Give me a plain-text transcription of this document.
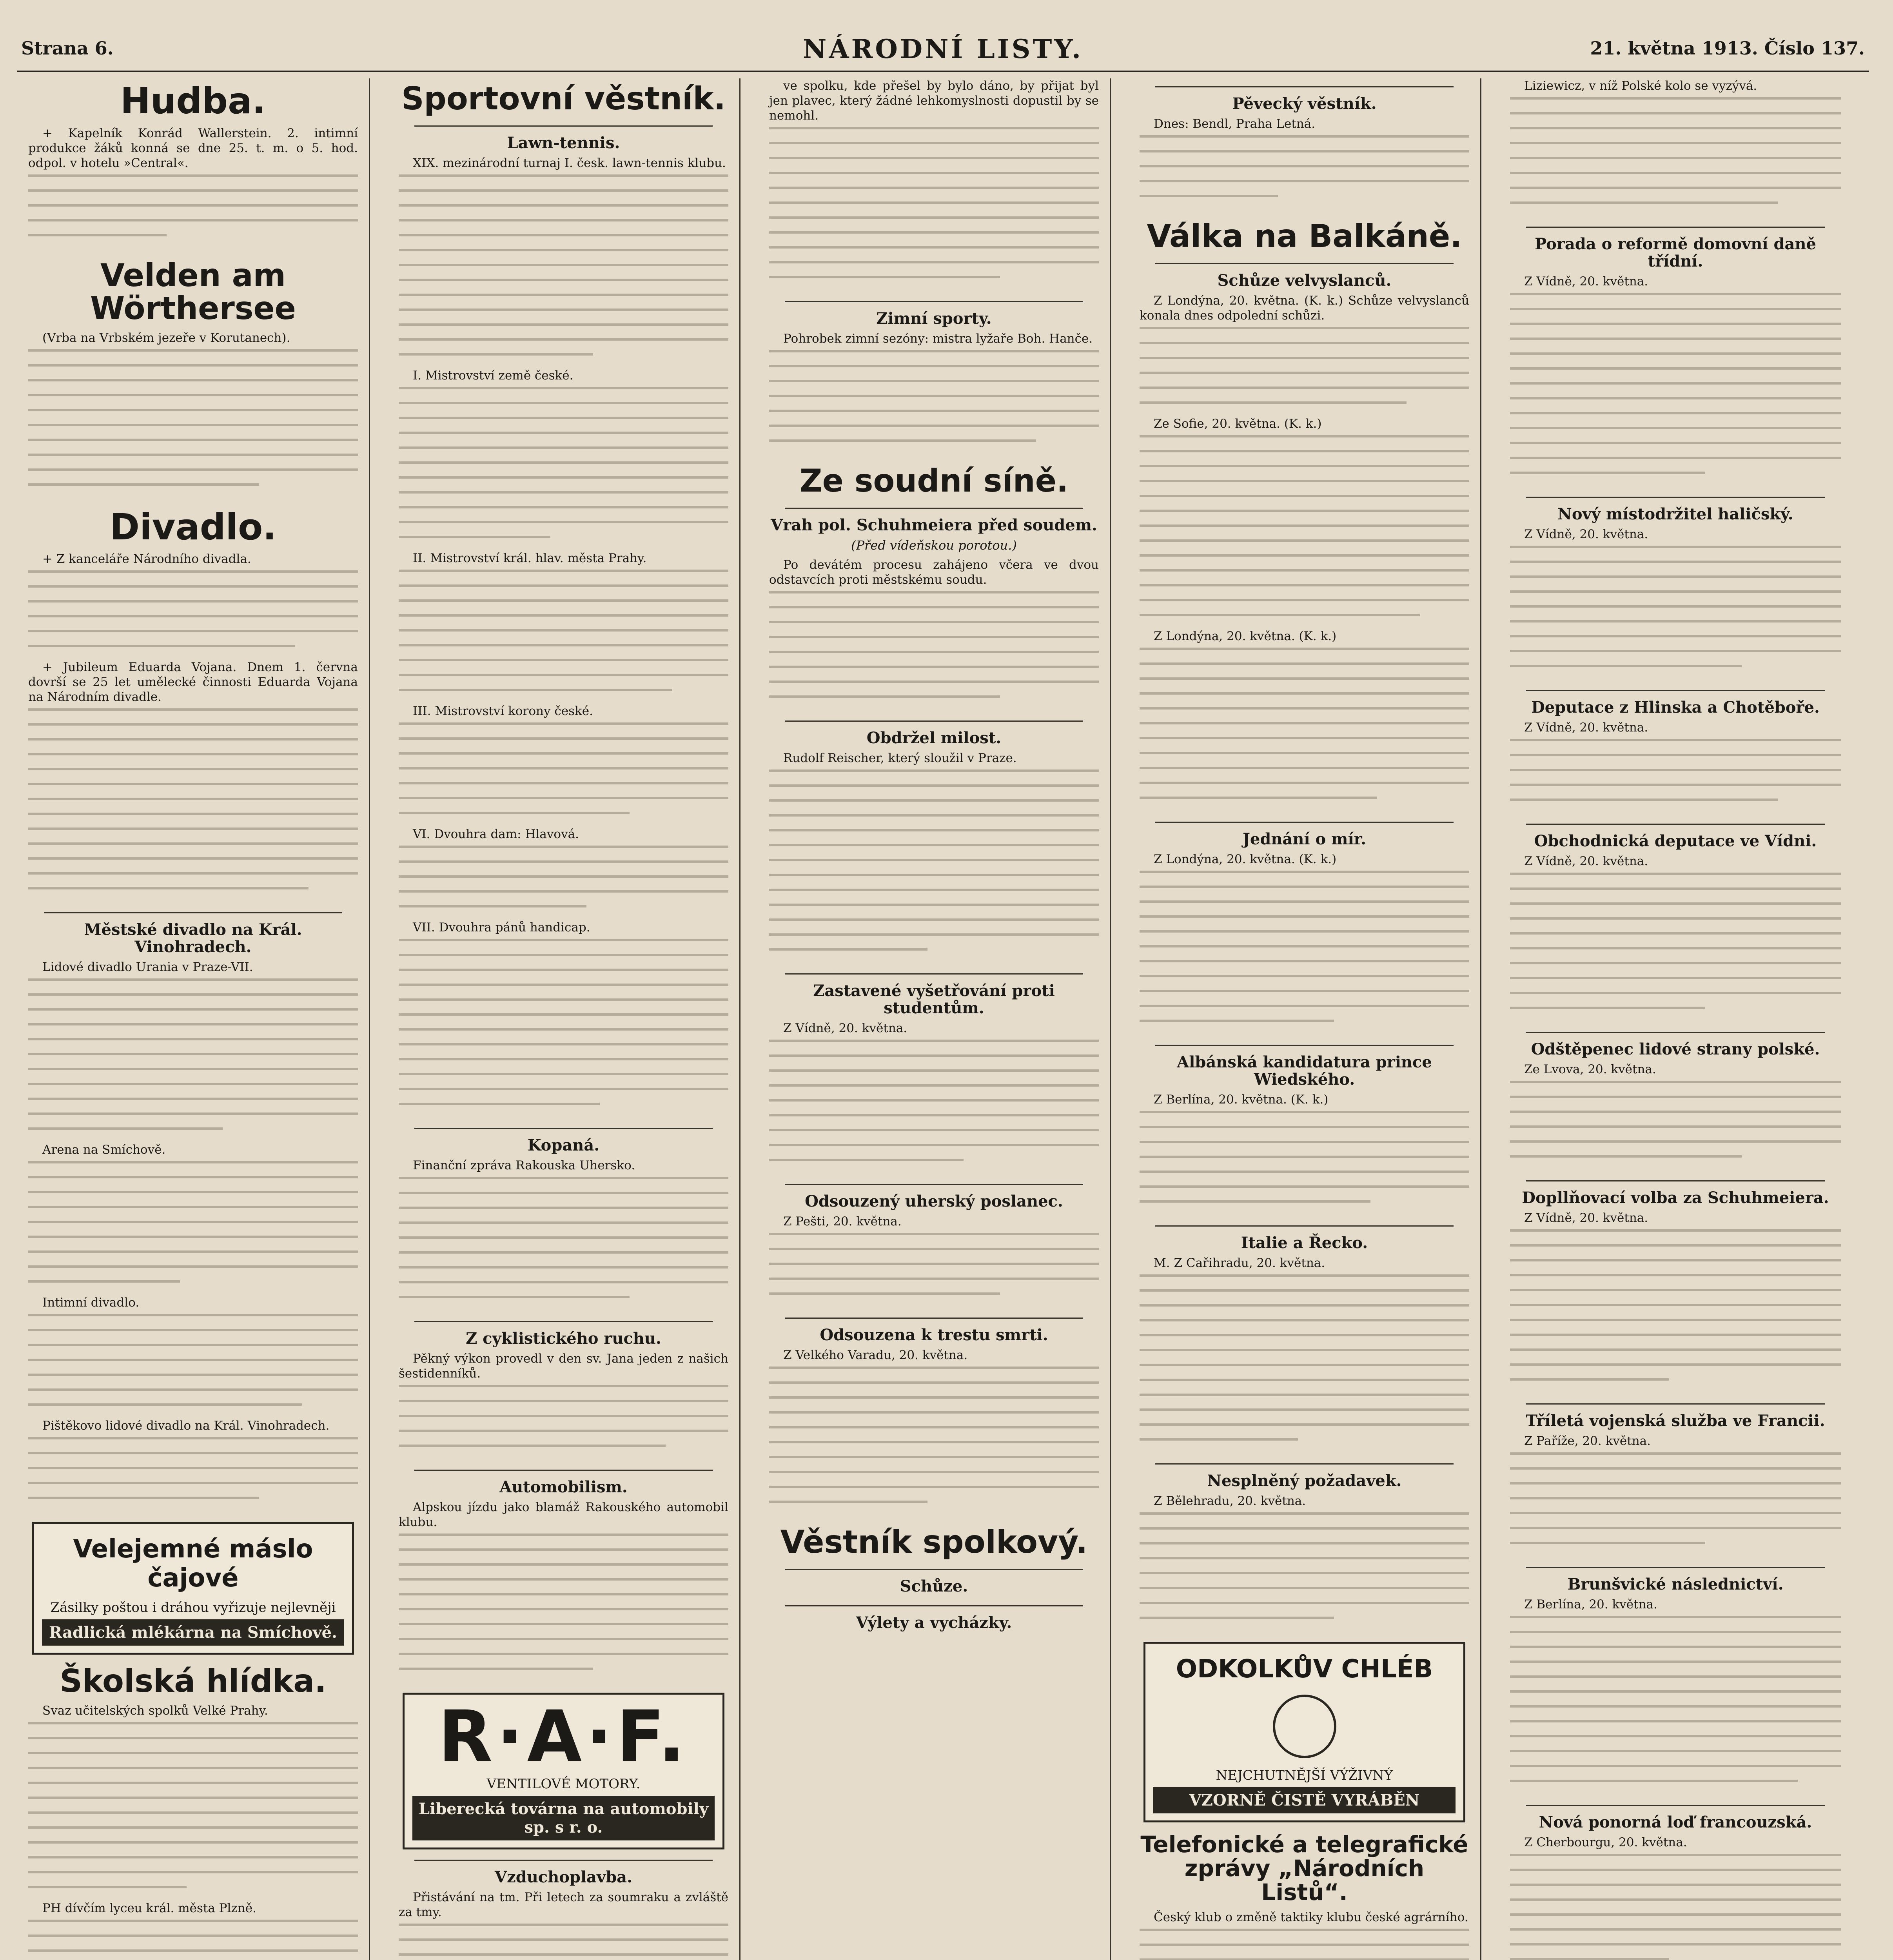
Strana 6.	NÁRODNÍ LISTY.	21. května 1913. Číslo 137.
Hudba.

+ Kapelník Konrád Wallerstein. 2. intimní produkce žáků konná se dne 25. t. m. o 5. hod. odpol. v hotelu »Central«.

Velden am Wörthersee

(Vrba na Vrbském jezeře v Korutanech).

Divadlo.

+ Z kanceláře Národního divadla.

+ Jubileum Eduarda Vojana. Dnem 1. června dovrší se 25 let umělecké činnosti Eduarda Vojana na Národním divadle.

Městské divadlo na Král. Vinohradech.

Lidové divadlo Urania v Praze-VII.

Arena na Smíchově.

Intimní divadlo.

Pištěkovo lidové divadlo na Král. Vinohradech.

Velejemné máslo čajové
Zásilky poštou i dráhou vyřizuje nejlevněji
Radlická mlékárna na Smíchově.
Školská hlídka.

Svaz učitelských spolků Velké Prahy.

PH dívčím lyceu král. města Plzně.

Sportovní věstník.
Lawn-tennis.

XIX. mezinárodní turnaj I. česk. lawn-tennis klubu.

I. Mistrovství země české.

II. Mistrovství král. hlav. města Prahy.

III. Mistrovství korony české.

VI. Dvouhra dam: Hlavová.

VII. Dvouhra pánů handicap.

Kopaná.

Finanční zpráva Rakouska Uhersko.

Z cyklistického ruchu.

Pěkný výkon provedl v den sv. Jana jeden z našich šestidenníků.

Automobilism.

Alpskou jízdu jako blamáž Rakouského automobil klubu.

R·A·F.
VENTILOVÉ MOTORY.
Liberecká továrna na automobily sp. s r. o.
Vzduchoplavba.

Přistávání na tm. Při letech za soumraku a zvláště za tmy.

ve spolku, kde přešel by bylo dáno, by přijat byl jen plavec, který žádné lehkomyslnosti dopustil by se nemohl.

Zimní sporty.

Pohrobek zimní sezóny: mistra lyžaře Boh. Hanče.

Ze soudní síně.
Vrah pol. Schuhmeiera před soudem.
(Před vídeňskou porotou.)

Po devátém procesu zahájeno včera ve dvou odstavcích proti městskému soudu.

Obdržel milost.

Rudolf Reischer, který sloužil v Praze.

Zastavené vyšetřování proti studentům.

Z Vídně, 20. května.

Odsouzený uherský poslanec.

Z Pešti, 20. května.

Odsouzena k trestu smrti.

Z Velkého Varadu, 20. května.

Věstník spolkový.
Schůze.
Výlety a vycházky.
Pěvecký věstník.

Dnes: Bendl, Praha Letná.

Válka na Balkáně.
Schůze velvyslanců.

Z Londýna, 20. května. (K. k.) Schůze velvyslanců konala dnes odpolední schůzi.

Ze Sofie, 20. května. (K. k.)

Z Londýna, 20. května. (K. k.)

Jednání o mír.

Z Londýna, 20. května. (K. k.)

Albánská kandidatura prince Wiedského.

Z Berlína, 20. května. (K. k.)

Italie a Řecko.

M. Z Cařihradu, 20. května.

Nesplněný požadavek.

Z Bělehradu, 20. května.

ODKOLKŮV CHLÉB
NEJCHUTNĚJŠÍ VÝŽIVNÝ
VZORNĚ ČISTĚ VYRÁBĚN
Telefonické a telegrafické zprávy „Národních Listů“.

Český klub o změně taktiky klubu české agrárního.

Liziewicz, v níž Polské kolo se vyzývá.

Porada o reformě domovní daně třídní.

Z Vídně, 20. května.

Nový místodržitel haličský.

Z Vídně, 20. května.

Deputace z Hlinska a Chotěboře.

Z Vídně, 20. května.

Obchodnická deputace ve Vídni.

Z Vídně, 20. května.

Odštěpenec lidové strany polské.

Ze Lvova, 20. května.

Dopllňovací volba za Schuhmeiera.

Z Vídně, 20. května.

Tříletá vojenská služba ve Francii.

Z Paříže, 20. května.

Brunšvické následnictví.

Z Berlína, 20. května.

Nová ponorná loď francouzská.

Z Cherbourgu, 20. května.
